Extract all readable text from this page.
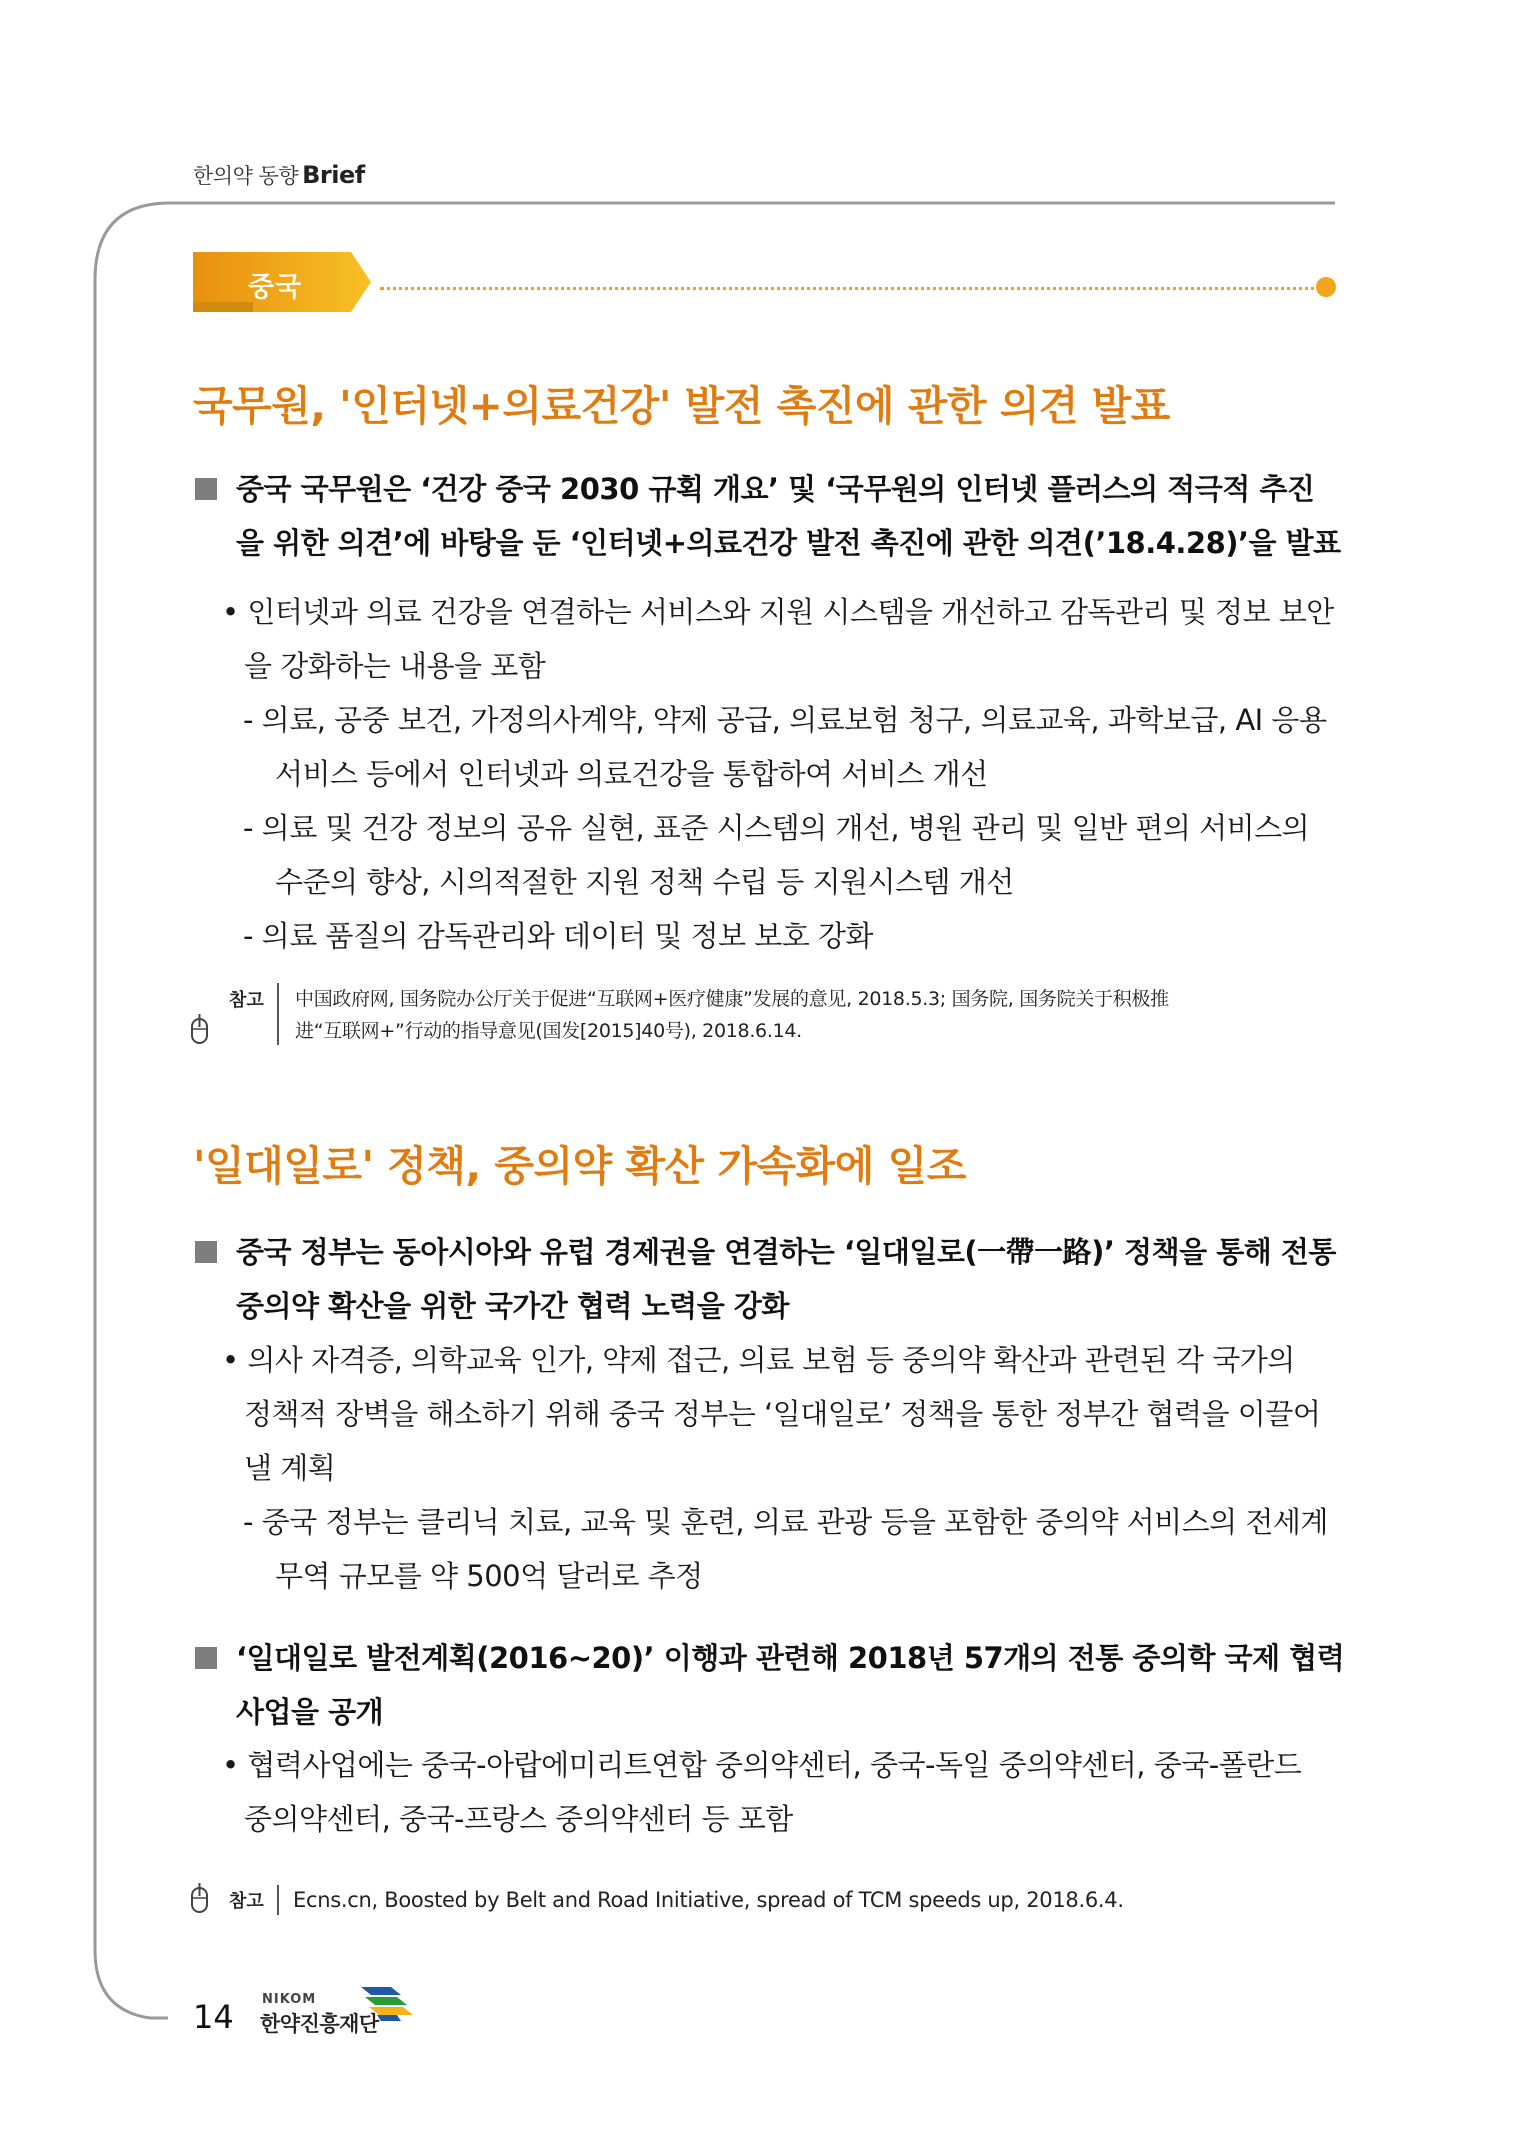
한의약 동향 Brief
중국
국무원, '인터넷+의료건강' 발전 촉진에 관한 의견 발표
중국 국무원은 ‘건강 중국 2030 규획 개요’ 및 ‘국무원의 인터넷 플러스의 적극적 추진
을 위한 의견’에 바탕을 둔 ‘인터넷+의료건강 발전 촉진에 관한 의견(’18.4.28)’을 발표
• 인터넷과 의료 건강을 연결하는 서비스와 지원 시스템을 개선하고 감독관리 및 정보 보안
을 강화하는 내용을 포함
- 의료, 공중 보건, 가정의사계약, 약제 공급, 의료보험 청구, 의료교육, 과학보급, AI 응용
서비스 등에서 인터넷과 의료건강을 통합하여 서비스 개선
- 의료 및 건강 정보의 공유 실현, 표준 시스템의 개선, 병원 관리 및 일반 편의 서비스의
수준의 향상, 시의적절한 지원 정책 수립 등 지원시스템 개선
- 의료 품질의 감독관리와 데이터 및 정보 보호 강화
참고 中国政府网, 国务院办公厅关于促进“互联网+医疗健康”发展的意见, 2018.5.3; 国务院, 国务院关于积极推
进“互联网+”行动的指导意见(国发[2015]40号), 2018.6.14.
'일대일로' 정책, 중의약 확산 가속화에 일조
중국 정부는 동아시아와 유럽 경제권을 연결하는 ‘일대일로(一帶一路)’ 정책을 통해 전통
중의약 확산을 위한 국가간 협력 노력을 강화
• 의사 자격증, 의학교육 인가, 약제 접근, 의료 보험 등 중의약 확산과 관련된 각 국가의
정책적 장벽을 해소하기 위해 중국 정부는 ‘일대일로’ 정책을 통한 정부간 협력을 이끌어
낼 계획
- 중국 정부는 클리닉 치료, 교육 및 훈련, 의료 관광 등을 포함한 중의약 서비스의 전세계
무역 규모를 약 500억 달러로 추정
‘일대일로 발전계획(2016~20)’ 이행과 관련해 2018년 57개의 전통 중의학 국제 협력
사업을 공개
• 협력사업에는 중국-아랍에미리트연합 중의약센터, 중국-독일 중의약센터, 중국-폴란드
중의약센터, 중국-프랑스 중의약센터 등 포함
참고 Ecns.cn, Boosted by Belt and Road Initiative, spread of TCM speeds up, 2018.6.4.
14 NIKOM
한약진흥재단
